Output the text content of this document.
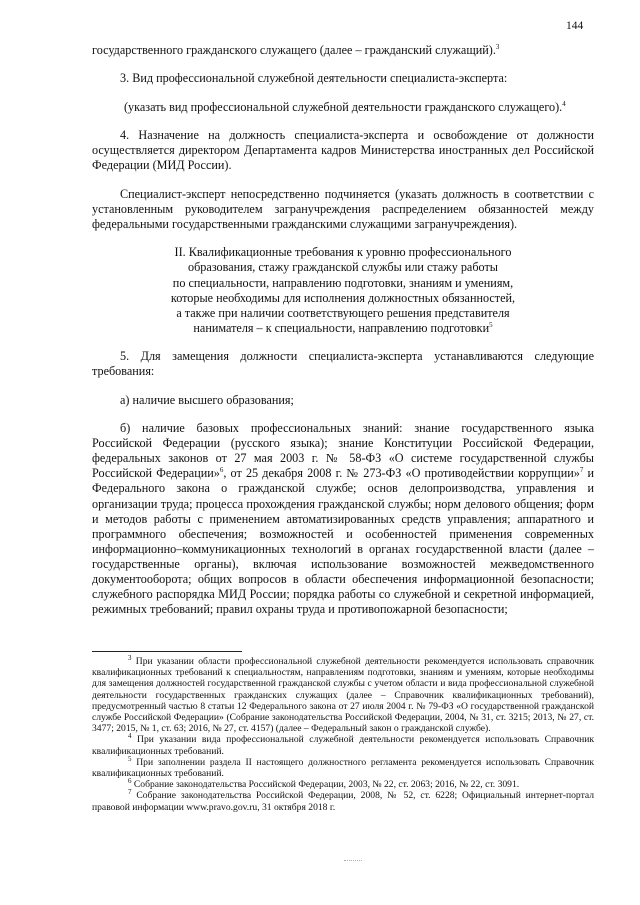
144

государственного гражданского служащего (далее – гражданский служащий).$^3$

3. Вид профессиональной служебной деятельности специалиста-эксперта:

(указать вид профессиональной служебной деятельности гражданского служащего).$^4$

4. Назначение на должность специалиста-эксперта и освобождение от должности осуществляется директором Департамента кадров Министерства иностранных дел Российской Федерации (МИД России).

Специалист-эксперт непосредственно подчиняется (указать должность в соответствии с установленным руководителем загранучреждения распределением обязанностей между федеральными государственными гражданскими служащими загранучреждения).

II. Квалификационные требования к уровню профессионального

образования, стажу гражданской службы или стажу работы

по специальности, направлению подготовки, знаниям и умениям,

которые необходимы для исполнения должностных обязанностей,

а также при наличии соответствующего решения представителя

нанимателя – к специальности, направлению подготовки$^5$

5. Для замещения должности специалиста-эксперта устанавливаются следующие требования:

а) наличие высшего образования;

б) наличие базовых профессиональных знаний: знание государственного языка Российской Федерации (русского языка); знание Конституции Российской Федерации, федеральных законов от 27 мая 2003 г. № 58-ФЗ «О системе государственной службы Российской Федерации»$^6$, от 25 декабря 2008 г. № 273-ФЗ «О противодействии коррупции»$^7$ и Федерального закона о гражданской службе; основ делопроизводства, управления и организации труда; процесса прохождения гражданской службы; норм делового общения; форм и методов работы с применением автоматизированных средств управления; аппаратного и программного обеспечения; возможностей и особенностей применения современных информационно–коммуникационных технологий в органах государственной власти (далее – государственные органы), включая использование возможностей межведомственного документооборота; общих вопросов в области обеспечения информационной безопасности; служебного распорядка МИД России; порядка работы со служебной и секретной информацией, режимных требований; правил охраны труда и противопожарной безопасности;

$^3$ При указании области профессиональной служебной деятельности рекомендуется использовать справочник квалификационных требований к специальностям, направлениям подготовки, знаниям и умениям, которые необходимы для замещения должностей государственной гражданской службы с учетом области и вида профессиональной служебной деятельности государственных гражданских служащих (далее – Справочник квалификационных требований), предусмотренный частью 8 статьи 12 Федерального закона от 27 июля 2004 г. № 79-ФЗ «О государственной гражданской службе Российской Федерации» (Собрание законодательства Российской Федерации, 2004, № 31, ст. 3215; 2013, № 27, ст. 3477; 2015, № 1, ст. 63; 2016, № 27, ст. 4157) (далее – Федеральный закон о гражданской службе).

$^4$ При указании вида профессиональной служебной деятельности рекомендуется использовать Справочник квалификационных требований.

$^5$ При заполнении раздела II настоящего должностного регламента рекомендуется использовать Справочник квалификационных требований.

$^6$ Собрание законодательства Российской Федерации, 2003, № 22, ст. 2063; 2016, № 22, ст. 3091.

$^7$ Собрание законодательства Российской Федерации, 2008, № 52, ст. 6228; Официальный интернет-портал правовой информации www.pravo.gov.ru, 31 октября 2018 г.
